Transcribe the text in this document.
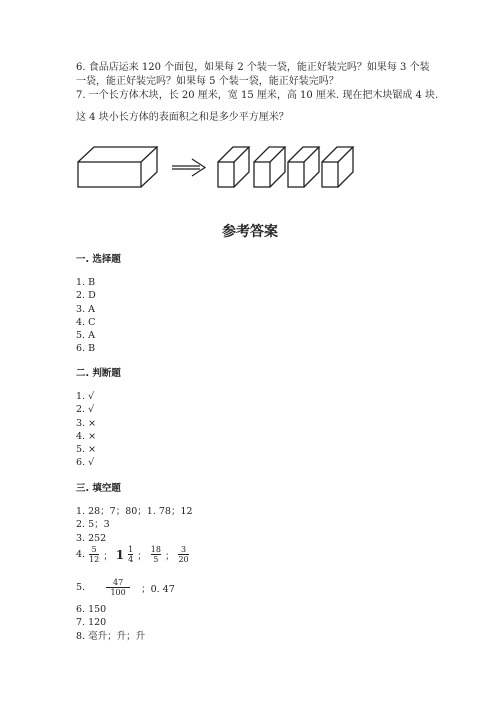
6. 食品店运来 120 个面包，如果每 2 个装一袋，能正好装完吗？如果每 3 个装
一袋，能正好装完吗？如果每 5 个装一袋，能正好装完吗？
7. 一个长方体木块，长 20 厘米，宽 15 厘米，高 10 厘米. 现在把木块锯成 4 块.
这 4 块小长方体的表面积之和是多少平方厘米？
参考答案
一. 选择题
1. B
2. D
3. A
4. C
5. A
6. B
二. 判断题
1. √
2. √
3. ×
4. ×
5. ×
6. √
三. 填空题
1. 28；7；80；1. 78；12
2. 5；3
3. 252
4. $\frac{5}{12}$ ； $1 \frac{1}{4}$ ； $\frac{18}{5}$ ； $\frac{3}{20}$
5.	$\frac{47}{100}$ ；0. 47
6. 150
7. 120
8. 毫升；升；升
